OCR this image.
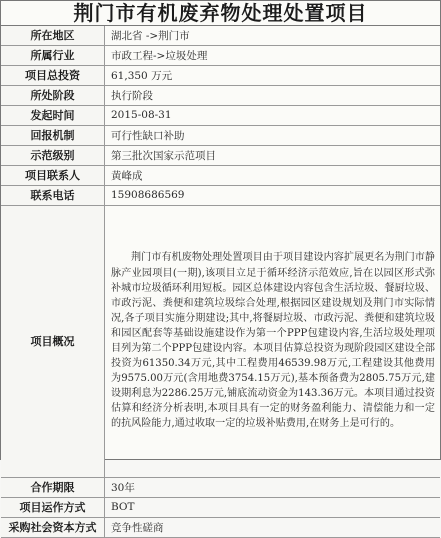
荆门市有机废弃物处理处置项目
所在地区	湖北省 ->荆门市
所属行业	市政工程->垃圾处理
项目总投资	61,350 万元
所处阶段	执行阶段
发起时间	2015-08-31
回报机制	可行性缺口补助
示范级别	第三批次国家示范项目
项目联系人	黄峰成
联系电话	15908686569
项目概况	荆门市有机废物处理处置项目由于项目建设内容扩展更名为荆门市静脉产业园项目(一期),该项目立足于循环经济示范效应,旨在以园区形式弥补城市垃圾循环利用短板。园区总体建设内容包含生活垃圾、餐厨垃圾、市政污泥、粪便和建筑垃圾综合处理,根据园区建设规划及荆门市实际情况,各子项目实施分期建设;其中,将餐厨垃圾、市政污泥、粪便和建筑垃圾和园区配套等基础设施建设作为第一个PPP包建设内容,生活垃圾处理项目列为第二个PPP包建设内容。本项目估算总投资为现阶段园区建设全部投资为61350.34万元,其中工程费用46539.98万元,工程建设其他费用为9575.00万元(含用地费3754.15万元),基本预备费为2805.75万元,建设期利息为2286.25万元,铺底流动资金为143.36万元。本项目通过投资估算和经济分析表明,本项目具有一定的财务盈利能力、清偿能力和一定的抗风险能力,通过收取一定的垃圾补贴费用,在财务上是可行的。
合作期限	30年
项目运作方式	BOT
采购社会资本方式	竞争性磋商
